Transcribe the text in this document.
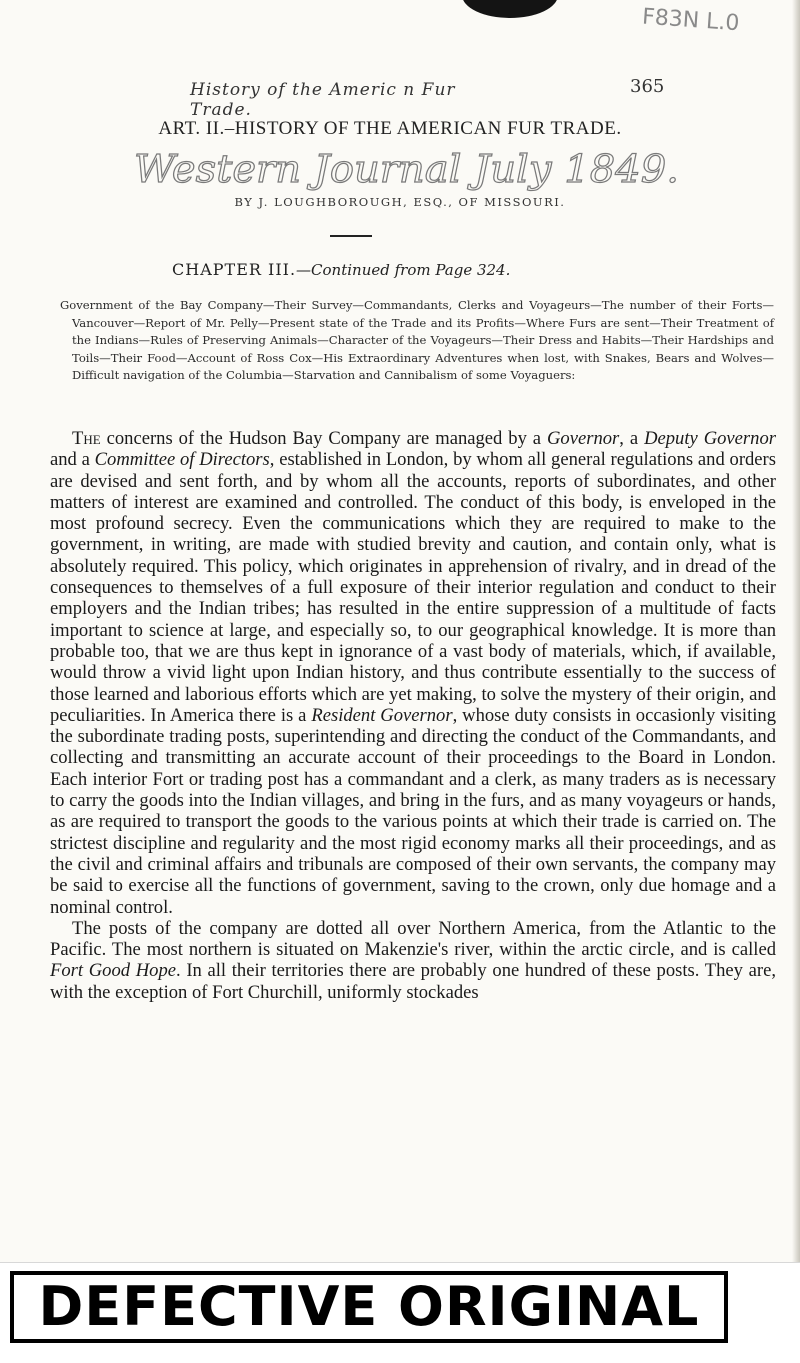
F83N L.0
History of the Americ n Fur Trade.
365
ART. II.–HISTORY OF THE AMERICAN FUR TRADE.
Western Journal July 1849.
BY J. LOUGHBOROUGH, ESQ., OF MISSOURI.
CHAPTER III.—Continued from Page 324.
Government of the Bay Company—Their Survey—Commandants, Clerks and Voyageurs—The number of their Forts—Vancouver—Report of Mr. Pelly—Present state of the Trade and its Profits—Where Furs are sent—Their Treatment of the Indians—Rules of Preserving Animals—Character of the Voyageurs—Their Dress and Habits—Their Hardships and Toils—Their Food—Account of Ross Cox—His Extraordinary Adventures when lost, with Snakes, Bears and Wolves—Difficult navigation of the Columbia—Starvation and Cannibalism of some Voyaguers:

The concerns of the Hudson Bay Company are managed by a Governor, a Deputy Governor and a Committee of Directors, established in London, by whom all general regulations and orders are devised and sent forth, and by whom all the accounts, reports of subordinates, and other matters of interest are examined and controlled. The conduct of this body, is enveloped in the most profound secrecy. Even the communications which they are required to make to the government, in writing, are made with studied brevity and caution, and contain only, what is absolutely required. This policy, which originates in apprehension of rivalry, and in dread of the consequences to themselves of a full exposure of their interior regulation and conduct to their employers and the Indian tribes; has resulted in the entire suppression of a multitude of facts important to science at large, and especially so, to our geographical knowledge. It is more than probable too, that we are thus kept in ignorance of a vast body of materials, which, if available, would throw a vivid light upon Indian history, and thus contribute essentially to the success of those learned and laborious efforts which are yet making, to solve the mystery of their origin, and peculiarities. In America there is a Resident Governor, whose duty consists in occasionly visiting the subordinate trading posts, superintending and directing the conduct of the Commandants, and collecting and transmitting an accurate account of their proceedings to the Board in London. Each interior Fort or trading post has a commandant and a clerk, as many traders as is necessary to carry the goods into the Indian villages, and bring in the furs, and as many voyageurs or hands, as are required to transport the goods to the various points at which their trade is carried on. The strictest discipline and regularity and the most rigid economy marks all their proceedings, and as the civil and criminal affairs and tribunals are composed of their own servants, the company may be said to exercise all the functions of government, saving to the crown, only due homage and a nominal control.

The posts of the company are dotted all over Northern America, from the Atlantic to the Pacific. The most northern is situated on Makenzie's river, within the arctic circle, and is called Fort Good Hope. In all their territories there are probably one hundred of these posts. They are, with the exception of Fort Churchill, uniformly stockades

DEFECTIVE ORIGINAL
